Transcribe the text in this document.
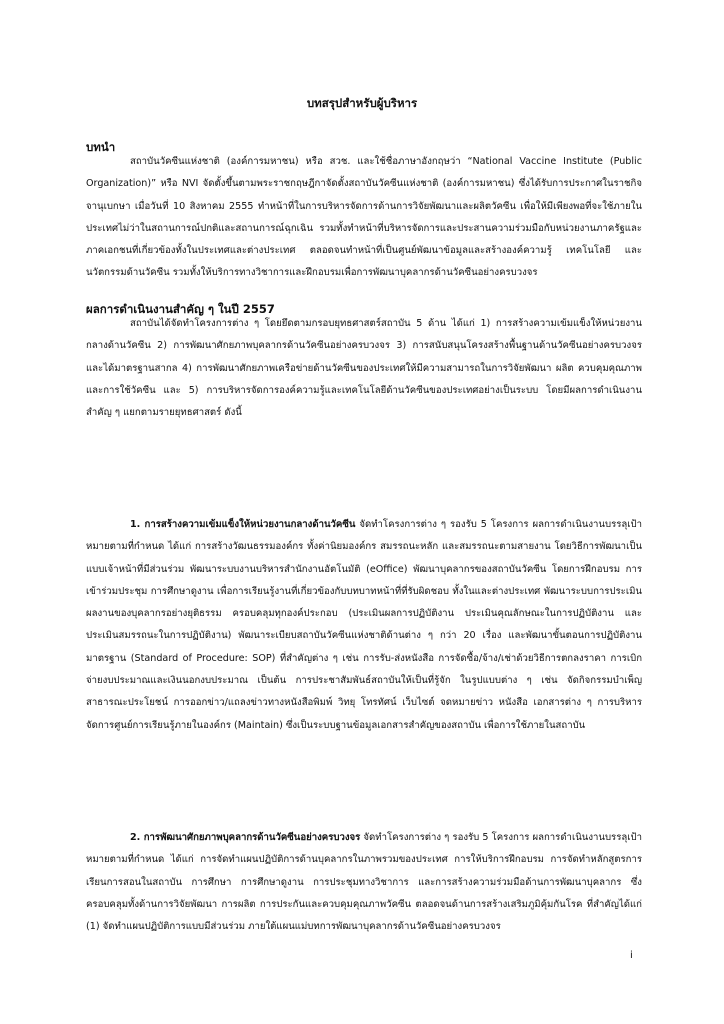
บทสรุปสำหรับผู้บริหาร
บทนำ

สถาบันวัคซีนแห่งชาติ (องค์การมหาชน) หรือ สวช. และใช้ชื่อภาษาอังกฤษว่า “National Vaccine Institute (Public Organization)” หรือ NVI จัดตั้งขึ้นตามพระราชกฤษฎีกาจัดตั้งสถาบันวัคซีนแห่งชาติ (องค์การมหาชน) ซึ่งได้รับการประกาศในราชกิจจานุเบกษา เมื่อวันที่ 10 สิงหาคม 2555 ทำหน้าที่ในการบริหารจัดการด้านการวิจัยพัฒนาและผลิตวัคซีน เพื่อให้มีเพียงพอที่จะใช้ภายในประเทศไม่ว่าในสถานการณ์ปกติและสถานการณ์ฉุกเฉิน รวมทั้งทำหน้าที่บริหารจัดการและประสานความร่วมมือกับหน่วยงานภาครัฐและภาคเอกชนที่เกี่ยวข้องทั้งในประเทศและต่างประเทศ ตลอดจนทำหน้าที่เป็นศูนย์พัฒนาข้อมูลและสร้างองค์ความรู้ เทคโนโลยี และนวัตกรรมด้านวัคซีน รวมทั้งให้บริการทางวิชาการและฝึกอบรมเพื่อการพัฒนาบุคลากรด้านวัคซีนอย่างครบวงจร

ผลการดำเนินงานสำคัญ ๆ ในปี 2557

สถาบันได้จัดทำโครงการต่าง ๆ โดยยึดตามกรอบยุทธศาสตร์สถาบัน 5 ด้าน ได้แก่ 1) การสร้างความเข้มแข็งให้หน่วยงานกลางด้านวัคซีน 2) การพัฒนาศักยภาพบุคลากรด้านวัคซีนอย่างครบวงจร 3) การสนับสนุนโครงสร้างพื้นฐานด้านวัคซีนอย่างครบวงจรและได้มาตรฐานสากล 4) การพัฒนาศักยภาพเครือข่ายด้านวัคซีนของประเทศให้มีความสามารถในการวิจัยพัฒนา ผลิต ควบคุมคุณภาพ และการใช้วัคซีน และ 5) การบริหารจัดการองค์ความรู้และเทคโนโลยีด้านวัคซีนของประเทศอย่างเป็นระบบ โดยมีผลการดำเนินงานสำคัญ ๆ แยกตามรายยุทธศาสตร์ ดังนี้

1. การสร้างความเข้มแข็งให้หน่วยงานกลางด้านวัคซีน จัดทำโครงการต่าง ๆ รองรับ 5 โครงการ ผลการดำเนินงานบรรลุเป้าหมายตามที่กำหนด ได้แก่ การสร้างวัฒนธรรมองค์กร ทั้งค่านิยมองค์กร สมรรถนะหลัก และสมรรถนะตามสายงาน โดยวิธีการพัฒนาเป็นแบบเจ้าหน้าที่มีส่วนร่วม พัฒนาระบบงานบริหารสำนักงานอัตโนมัติ (eOffice) พัฒนาบุคลากรของสถาบันวัคซีน โดยการฝึกอบรม การเข้าร่วมประชุม การศึกษาดูงาน เพื่อการเรียนรู้งานที่เกี่ยวข้องกับบทบาทหน้าที่ที่รับผิดชอบ ทั้งในและต่างประเทศ พัฒนาระบบการประเมินผลงานของบุคลากรอย่างยุติธรรม ครอบคลุมทุกองค์ประกอบ (ประเมินผลการปฏิบัติงาน ประเมินคุณลักษณะในการปฏิบัติงาน และประเมินสมรรถนะในการปฏิบัติงาน) พัฒนาระเบียบสถาบันวัคซีนแห่งชาติด้านต่าง ๆ กว่า 20 เรื่อง และพัฒนาขั้นตอนการปฏิบัติงานมาตรฐาน (Standard of Procedure: SOP) ที่สำคัญต่าง ๆ เช่น การรับ-ส่งหนังสือ การจัดซื้อ/จ้าง/เช่าด้วยวิธีการตกลงราคา การเบิกจ่ายงบประมาณและเงินนอกงบประมาณ เป็นต้น การประชาสัมพันธ์สถาบันให้เป็นที่รู้จัก ในรูปแบบต่าง ๆ เช่น จัดกิจกรรมบำเพ็ญสาธารณะประโยชน์ การออกข่าว/แถลงข่าวทางหนังสือพิมพ์ วิทยุ โทรทัศน์ เว็บไซต์ จดหมายข่าว หนังสือ เอกสารต่าง ๆ การบริหารจัดการศูนย์การเรียนรู้ภายในองค์กร (Maintain) ซึ่งเป็นระบบฐานข้อมูลเอกสารสำคัญของสถาบัน เพื่อการใช้ภายในสถาบัน

2. การพัฒนาศักยภาพบุคลากรด้านวัคซีนอย่างครบวงจร จัดทำโครงการต่าง ๆ รองรับ 5 โครงการ ผลการดำเนินงานบรรลุเป้าหมายตามที่กำหนด ได้แก่ การจัดทำแผนปฏิบัติการด้านบุคลากรในภาพรวมของประเทศ การให้บริการฝึกอบรม การจัดทำหลักสูตรการเรียนการสอนในสถาบัน การศึกษา การศึกษาดูงาน การประชุมทางวิชาการ และการสร้างความร่วมมือด้านการพัฒนาบุคลากร ซึ่งครอบคลุมทั้งด้านการวิจัยพัฒนา การผลิต การประกันและควบคุมคุณภาพวัคซีน ตลอดจนด้านการสร้างเสริมภูมิคุ้มกันโรค ที่สำคัญได้แก่ (1) จัดทำแผนปฏิบัติการแบบมีส่วนร่วม ภายใต้แผนแม่บทการพัฒนาบุคลากรด้านวัคซีนอย่างครบวงจร

i
